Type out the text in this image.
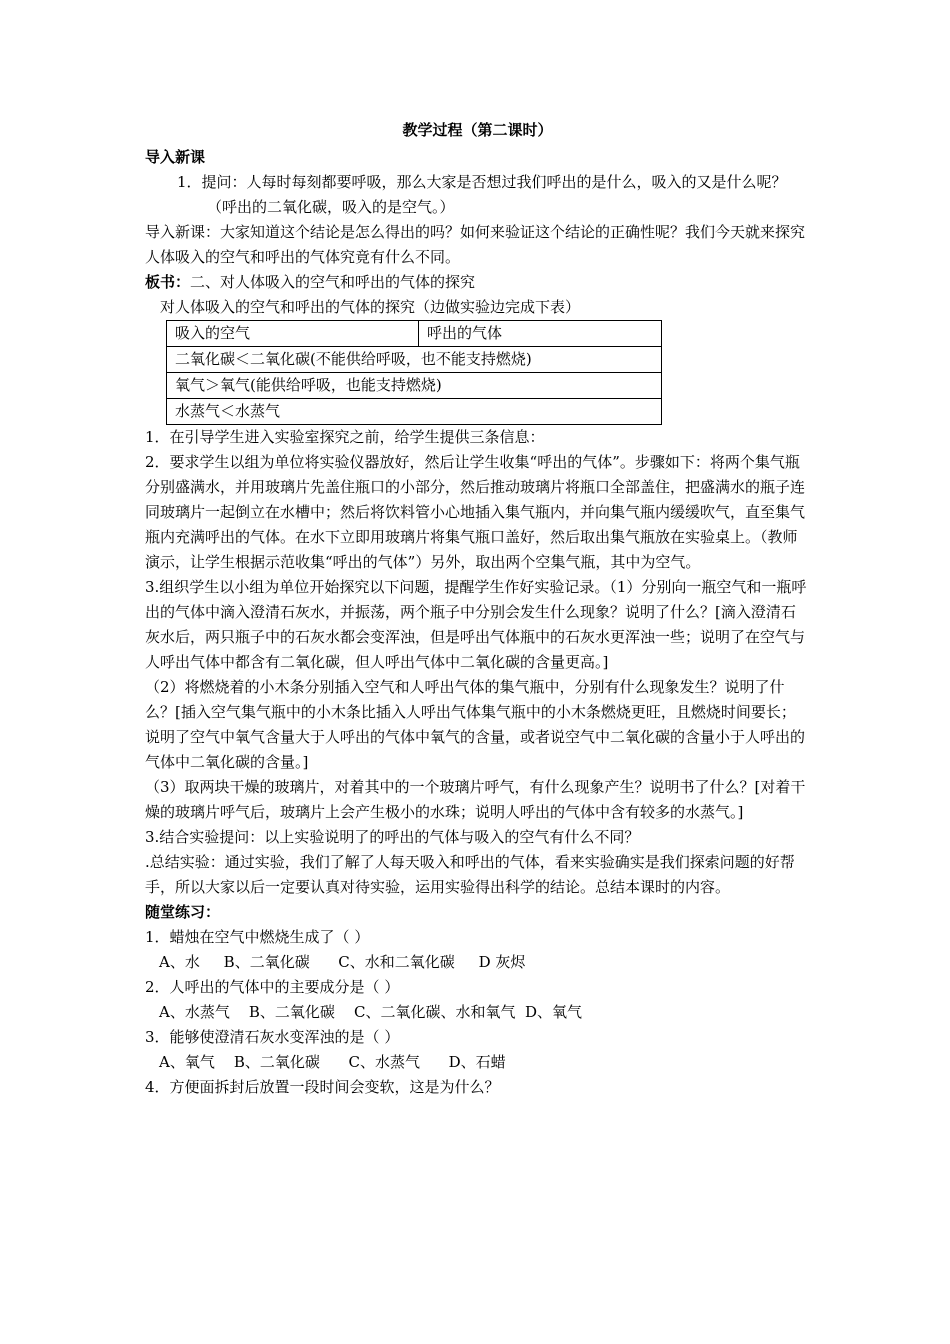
教学过程（第二课时）

导入新课

1．提问：人每时每刻都要呼吸，那么大家是否想过我们呼出的是什么，吸入的又是什么呢？（呼出的二氧化碳，吸入的是空气。）

导入新课：大家知道这个结论是怎么得出的吗？如何来验证这个结论的正确性呢？我们今天就来探究人体吸入的空气和呼出的气体究竟有什么不同。

板书：二、对人体吸入的空气和呼出的气体的探究

对人体吸入的空气和呼出的气体的探究（边做实验边完成下表）

吸入的空气	呼出的气体
二氧化碳＜二氧化碳(不能供给呼吸，也不能支持燃烧)
氧气＞氧气(能供给呼吸，也能支持燃烧)
水蒸气＜水蒸气

1．在引导学生进入实验室探究之前，给学生提供三条信息：

2．要求学生以组为单位将实验仪器放好，然后让学生收集“呼出的气体”。步骤如下：将两个集气瓶分别盛满水，并用玻璃片先盖住瓶口的小部分，然后推动玻璃片将瓶口全部盖住，把盛满水的瓶子连同玻璃片一起倒立在水槽中；然后将饮料管小心地插入集气瓶内，并向集气瓶内缓缓吹气，直至集气瓶内充满呼出的气体。在水下立即用玻璃片将集气瓶口盖好，然后取出集气瓶放在实验桌上。（教师演示，让学生根据示范收集“呼出的气体”）另外，取出两个空集气瓶，其中为空气。

3.组织学生以小组为单位开始探究以下问题，提醒学生作好实验记录。（1）分别向一瓶空气和一瓶呼出的气体中滴入澄清石灰水，并振荡，两个瓶子中分别会发生什么现象？说明了什么？[滴入澄清石灰水后，两只瓶子中的石灰水都会变浑浊，但是呼出气体瓶中的石灰水更浑浊一些；说明了在空气与人呼出气体中都含有二氧化碳，但人呼出气体中二氧化碳的含量更高。]

（2）将燃烧着的小木条分别插入空气和人呼出气体的集气瓶中，分别有什么现象发生？说明了什么？[插入空气集气瓶中的小木条比插入人呼出气体集气瓶中的小木条燃烧更旺，且燃烧时间要长；说明了空气中氧气含量大于人呼出的气体中氧气的含量，或者说空气中二氧化碳的含量小于人呼出的气体中二氧化碳的含量。]

（3）取两块干燥的玻璃片，对着其中的一个玻璃片呼气，有什么现象产生？说明书了什么？[对着干燥的玻璃片呼气后，玻璃片上会产生极小的水珠；说明人呼出的气体中含有较多的水蒸气。]

3.结合实验提问：以上实验说明了的呼出的气体与吸入的空气有什么不同？

.总结实验：通过实验，我们了解了人每天吸入和呼出的气体，看来实验确实是我们探索问题的好帮手，所以大家以后一定要认真对待实验，运用实验得出科学的结论。总结本课时的内容。

随堂练习：

1．蜡烛在空气中燃烧生成了（ ）

A、水     B、二氧化碳      C、水和二氧化碳     D 灰烬

2．人呼出的气体中的主要成分是（ ）

A、水蒸气    B、二氧化碳    C、二氧化碳、水和氧气  D、氧气

3．能够使澄清石灰水变浑浊的是（ ）

A、氧气    B、二氧化碳      C、水蒸气      D、石蜡

4．方便面拆封后放置一段时间会变软，这是为什么？
